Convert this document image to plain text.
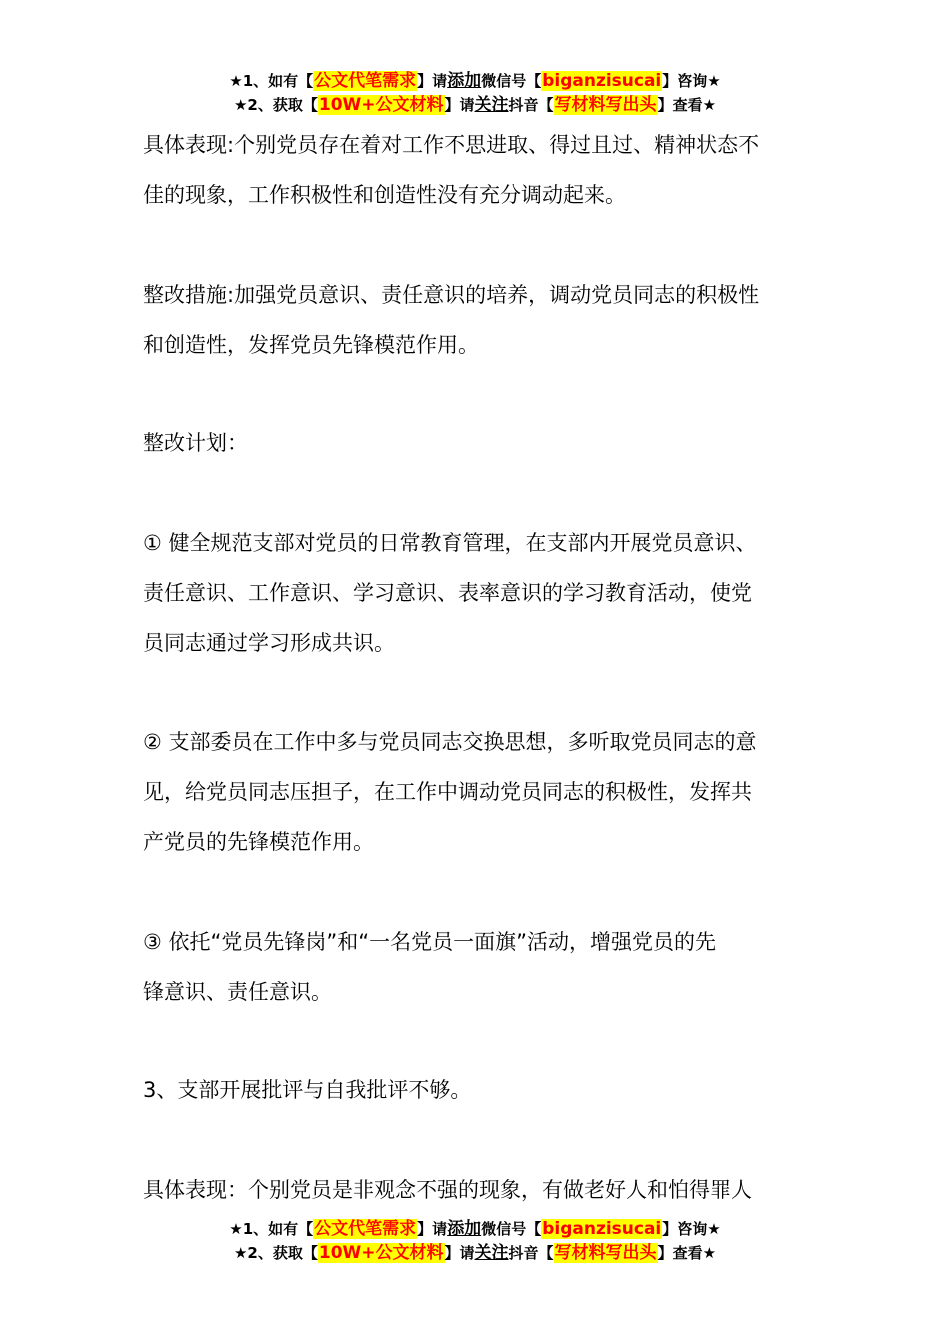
★1、如有【公文代笔需求】请添加微信号【biganzisucai】咨询★
★2、获取【10W+公文材料】请关注抖音【写材料写出头】查看★
具体表现:个别党员存在着对工作不思进取、得过且过、精神状态不
佳的现象，工作积极性和创造性没有充分调动起来。
整改措施:加强党员意识、责任意识的培养，调动党员同志的积极性
和创造性，发挥党员先锋模范作用。
整改计划：
① 健全规范支部对党员的日常教育管理，在支部内开展党员意识、
责任意识、工作意识、学习意识、表率意识的学习教育活动，使党
员同志通过学习形成共识。
② 支部委员在工作中多与党员同志交换思想，多听取党员同志的意
见，给党员同志压担子，在工作中调动党员同志的积极性，发挥共
产党员的先锋模范作用。
③ 依托“党员先锋岗”和“一名党员一面旗”活动，增强党员的先
锋意识、责任意识。
3、支部开展批评与自我批评不够。
具体表现：个别党员是非观念不强的现象，有做老好人和怕得罪人
★1、如有【公文代笔需求】请添加微信号【biganzisucai】咨询★
★2、获取【10W+公文材料】请关注抖音【写材料写出头】查看★
